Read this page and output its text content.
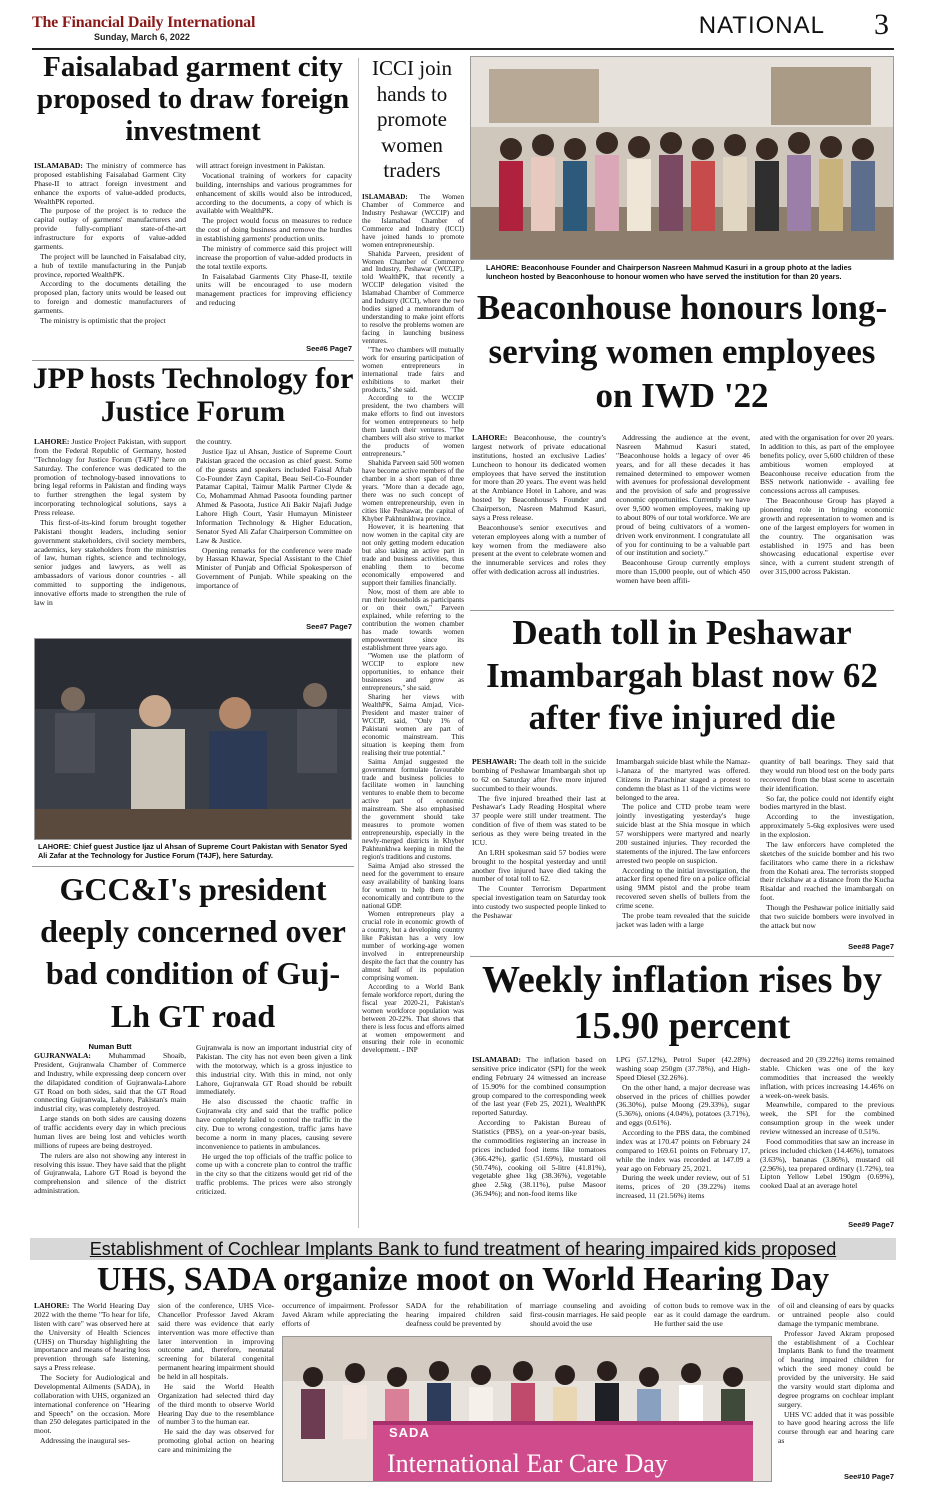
The Financial Daily International
Sunday, March 6, 2022	NATIONAL 3
Faisalabad garment city proposed to draw foreign investment

ISLAMABAD: The ministry of commerce has proposed establishing Faisalabad Garment City Phase-II to attract foreign investment and enhance the exports of value-added products, WealthPK reported.

The purpose of the project is to reduce the capital outlay of garments' manufacturers and provide fully-compliant state-of-the-art infrastructure for exports of value-added garments.

The project will be launched in Faisalabad city, a hub of textile manufacturing in the Punjab province, reported WealthPK.

According to the documents detailing the proposed plan, factory units would be leased out to foreign and domestic manufacturers of garments.

The ministry is optimistic that the project

will attract foreign investment in Pakistan.

Vocational training of workers for capacity building, internships and various programmes for enhancement of skills would also be introduced, according to the documents, a copy of which is available with WealthPK.

The project would focus on measures to reduce the cost of doing business and remove the hurdles in establishing garments' production units.

The ministry of commerce said this project will increase the proportion of value-added products in the total textile exports.

In Faisalabad Garments City Phase-II, textile units will be encouraged to use modern management practices for improving efficiency and reducing

See#6 Page7
ICCI join hands to promote women traders

ISLAMABAD: The Women Chamber of Commerce and Industry Peshawar (WCCIP) and the Islamabad Chamber of Commerce and Industry (ICCI) have joined hands to promote women entrepreneurship.

Shahida Parveen, president of Women Chamber of Commerce and Industry, Peshawar (WCCIP), told WealthPK, that recently a WCCIP delegation visited the Islamabad Chamber of Commerce and Industry (ICCI), where the two bodies signed a memorandum of understanding to make joint efforts to resolve the problems women are facing in launching business ventures.

"The two chambers will mutually work for ensuring participation of women entrepreneurs in international trade fairs and exhibitions to market their products," she said.

According to the WCCIP president, the two chambers will make efforts to find out investors for women entrepreneurs to help them launch their ventures. "The chambers will also strive to market the products of women entrepreneurs."

Shahida Parveen said 500 women have become active members of the chamber in a short span of three years. "More than a decade ago, there was no such concept of women entrepreneurship, even in cities like Peshawar, the capital of Khyber Pakhtunkhwa province.

However, it is heartening that now women in the capital city are not only getting modern education but also taking an active part in trade and business activities, thus enabling them to become economically empowered and support their families financially.

Now, most of them are able to run their households as participants or on their own," Parveen explained, while referring to the contribution the women chamber has made towards women empowerment since its establishment three years ago.

"Women use the platform of WCCIP to explore new opportunities, to enhance their businesses and grow as entrepreneurs," she said.

Sharing her views with WealthPK, Saima Amjad, Vice-President and master trainer of WCCIP, said, "Only 1% of Pakistani women are part of economic mainstream. This situation is keeping them from realising their true potential."

Saima Amjad suggested the government formulate favourable trade and business policies to facilitate women in launching ventures to enable them to become active part of economic mainstream. She also emphasised the government should take measures to promote women entrepreneurship, especially in the newly-merged districts in Khyber Pakhtunkhwa keeping in mind the region's traditions and customs.

Saima Amjad also stressed the need for the government to ensure easy availability of banking loans for women to help them grow economically and contribute to the national GDP.

Women entrepreneurs play a crucial role in economic growth of a country, but a developing country like Pakistan has a very low number of working-age women involved in entrepreneurship despite the fact that the country has almost half of its population comprising women.

According to a World Bank female workforce report, during the fiscal year 2020-21, Pakistan's women workforce population was between 20-22%. That shows that there is less focus and efforts aimed at women empowerment and ensuring their role in economic development. - INP

LAHORE: Beaconhouse Founder and Chairperson Nasreen Mahmud Kasuri in a group photo at the ladies luncheon hosted by Beaconhouse to honour women who have served the institution for than 20 years.
Beaconhouse honours long-serving women employees on IWD '22

LAHORE: Beaconhouse, the country's largest network of private educational institutions, hosted an exclusive Ladies' Luncheon to honour its dedicated women employees that have served the institution for more than 20 years. The event was held at the Ambiance Hotel in Lahore, and was hosted by Beaconhouse's Founder and Chairperson, Nasreen Mahmud Kasuri, says a Press release.

Beaconhouse's senior executives and veteran employees along with a number of key women from the mediawere also present at the event to celebrate women and the innumerable services and roles they offer with dedication across all industries.

Addressing the audience at the event, Nasreen Mahmud Kasuri stated, "Beaconhouse holds a legacy of over 46 years, and for all these decades it has remained determined to empower women with avenues for professional development and the provision of safe and progressive economic opportunities. Currently we have over 9,500 women employees, making up to about 80% of our total workforce. We are proud of being cultivators of a women-driven work environment. I congratulate all of you for continuing to be a valuable part of our institution and society."

Beaconhouse Group currently employs more than 15,000 people, out of which 450 women have been affili-

ated with the organisation for over 20 years. In addition to this, as part of the employee benefits policy, over 5,600 children of these ambitious women employed at Beaconhouse receive education from the BSS network nationwide - availing fee concessions across all campuses.

The Beaconhouse Group has played a pioneering role in bringing economic growth and representation to women and is one of the largest employers for women in the country. The organisation was established in 1975 and has been showcasing educational expertise ever since, with a current student strength of over 315,000 across Pakistan.

JPP hosts Technology for Justice Forum

LAHORE: Justice Project Pakistan, with support from the Federal Republic of Germany, hosted "Technology for Justice Forum (T4JF)" here on Saturday. The conference was dedicated to the promotion of technology-based innovations to bring legal reforms in Pakistan and finding ways to further strengthen the legal system by incorporating technological solutions, says a Press release.

This first-of-its-kind forum brought together Pakistani thought leaders, including senior government stakeholders, civil society members, academics, key stakeholders from the ministries of law, human rights, science and technology, senior judges and lawyers, as well as ambassadors of various donor countries - all committed to supporting the indigenous, innovative efforts made to strengthen the rule of law in

the country.

Justice Ijaz ul Ahsan, Justice of Supreme Court Pakistan graced the occasion as chief guest. Some of the guests and speakers included Faisal Aftab Co-Founder Zayn Capital, Beau Seil-Co-Founder Patamar Capital, Taimur Malik Partner Clyde & Co, Mohammad Ahmad Pasoota founding partner Ahmed & Pasoota, Justice Ali Bakir Najafi Judge Lahore High Court, Yasir Humayun Ministeer Information Technology & Higher Education, Senator Syed Ali Zafar Chairperson Committee on Law & Justice.

Opening remarks for the conference were made by Hassan Khawar, Special Assistant to the Chief Minister of Punjab and Official Spokesperson of Government of Punjab. While speaking on the importance of

See#7 Page7
LAHORE: Chief guest Justice Ijaz ul Ahsan of Supreme Court Pakistan with Senator Syed Ali Zafar at the Technology for Justice Forum (T4JF), here Saturday.
Death toll in Peshawar Imambargah blast now 62 after five injured die

PESHAWAR: The death toll in the suicide bombing of Peshawar Imambargah shot up to 62 on Saturday after five more injured succumbed to their wounds.

The five injured breathed their last at Peshawar's Lady Reading Hospital where 37 people were still under treatment. The condition of five of them was stated to be serious as they were being treated in the ICU.

An LRH spokesman said 57 bodies were brought to the hospital yesterday and until another five injured have died taking the number of total toll to 62.

The Counter Terrorism Department special investigation team on Saturday took into custody two suspected people linked to the Peshawar

Imambargah suicide blast while the Namaz-i-Janaza of the martyred was offered. Citizens in Parachinar staged a protest to condemn the blast as 11 of the victims were belonged to the area.

The police and CTD probe team were jointly investigating yesterday's huge suicide blast at the Shia mosque in which 57 worshippers were martyred and nearly 200 sustained injuries. They recorded the statements of the injured. The law enforcers arrested two people on suspicion.

According to the initial investigation, the attacker first opened fire on a police official using 9MM pistol and the probe team recovered seven shells of bullets from the crime scene.

The probe team revealed that the suicide jacket was laden with a large

quantity of ball bearings. They said that they would run blood test on the body parts recovered from the blast scene to ascertain their identification.

So far, the police could not identify eight bodies martyred in the blast.

According to the investigation, approximately 5-6kg explosives were used in the explosion.

The law enforcers have completed the sketches of the suicide bomber and his two facilitators who came there in a rickshaw from the Kohati area. The terrorists stopped their rickshaw at a distance from the Kucha Risaldar and reached the imambargah on foot.

Though the Peshawar police initially said that two suicide bombers were involved in the attack but now

See#8 Page7
GCC&I's president deeply concerned over bad condition of Guj-Lh GT road
Numan Butt

GUJRANWALA: Muhammad Shoaib, President, Gujranwala Chamber of Commerce and Industry, while expressing deep concern over the dilapidated condition of Gujranwala-Lahore GT Road on both sides, said that the GT Road connecting Gujranwala, Lahore, Pakistan's main industrial city, was completely destroyed.

Large stands on both sides are causing dozens of traffic accidents every day in which precious human lives are being lost and vehicles worth millions of rupees are being destroyed.

The rulers are also not showing any interest in resolving this issue. They have said that the plight of Gujranwala, Lahore GT Road is beyond the comprehension and silence of the district administration.

Gujranwala is now an important industrial city of Pakistan. The city has not even been given a link with the motorway, which is a gross injustice to this industrial city. With this in mind, not only Lahore, Gujranwala GT Road should be rebuilt immediately.

He also discussed the chaotic traffic in Gujranwala city and said that the traffic police have completely failed to control the traffic in the city. Due to wrong congestion, traffic jams have become a norm in many places, causing severe inconvenience to patients in ambulances.

He urged the top officials of the traffic police to come up with a concrete plan to control the traffic in the city so that the citizens would get rid of the traffic problems. The prices were also strongly criticized.

Weekly inflation rises by 15.90 percent

ISLAMABAD: The inflation based on sensitive price indicator (SPI) for the week ending February 24 witnessed an increase of 15.90% for the combined consumption group compared to the corresponding week of the last year (Feb 25, 2021), WealthPK reported Saturday.

According to Pakistan Bureau of Statistics (PBS), on a year-on-year basis, the commodities registering an increase in prices included food items like tomatoes (366.42%), garlic (51.69%), mustard oil (50.74%), cooking oil 5-litre (41.81%), vegetable ghee 1kg (38.36%), vegetable ghee 2.5kg (38.11%), pulse Masoor (36.94%); and non-food items like

LPG (57.12%), Petrol Super (42.28%) washing soap 250gm (37.78%), and High-Speed Diesel (32.26%).

On the other hand, a major decrease was observed in the prices of chillies powder (36.30%), pulse Moong (29.33%), sugar (5.36%), onions (4.04%), potatoes (3.71%), and eggs (0.61%).

According to the PBS data, the combined index was at 170.47 points on February 24 compared to 169.61 points on February 17, while the index was recorded at 147.09 a year ago on February 25, 2021.

During the week under review, out of 51 items, prices of 20 (39.22%) items increased, 11 (21.56%) items

decreased and 20 (39.22%) items remained stable. Chicken was one of the key commodities that increased the weekly inflation, with prices increasing 14.46% on a week-on-week basis.

Meanwhile, compared to the previous week, the SPI for the combined consumption group in the week under review witnessed an increase of 0.51%.

Food commodities that saw an increase in prices included chicken (14.46%), tomatoes (3.63%), bananas (3.86%), mustard oil (2.96%), tea prepared ordinary (1.72%), tea Lipton Yellow Lebel 190gm (0.69%), cooked Daal at an average hotel

See#9 Page7
Establishment of Cochlear Implants Bank to fund treatment of hearing impaired kids proposed
UHS, SADA organize moot on World Hearing Day

LAHORE: The World Hearing Day 2022 with the theme "To hear for life, listen with care" was observed here at the University of Health Sciences (UHS) on Thursday highlighting the importance and means of hearing loss prevention through safe listening, says a Press release.

The Society for Audiological and Developmental Ailments (SADA), in collaboration with UHS, organized an international conference on "Hearing and Speech" on the occasion. More than 250 delegates participated in the moot.

Addressing the inaugural ses-

sion of the conference, UHS Vice-Chancellor Professor Javed Akram said there was evidence that early intervention was more effective than later intervention in improving outcome and, therefore, neonatal screening for bilateral congenital permanent hearing impairment should be held in all hospitals.

He said the World Health Organization had selected third day of the third month to observe World Hearing Day due to the resemblance of number 3 to the human ear.

He said the day was observed for promoting global action on hearing care and minimizing the

occurrence of impairment. Professor Javed Akram while appreciating the efforts of

SADA for the rehabilitation of hearing impaired children said deafness could be prevented by

marriage counseling and avoiding first-cousin marriages. He said people should avoid the use

of cotton buds to remove wax in the ear as it could damage the eardrum. He further said the use

of oil and cleansing of ears by quacks or untrained people also could damage the tympanic membrane.

Professor Javed Akram proposed the establishment of a Cochlear Implants Bank to fund the treatment of hearing impaired children for which the seed money could be provided by the university. He said the varsity would start diploma and degree programs on cochlear implant surgery.

UHS VC added that it was possible to have good hearing across the life course through ear and hearing care as

See#10 Page7
SADA
International Ear Care Day
